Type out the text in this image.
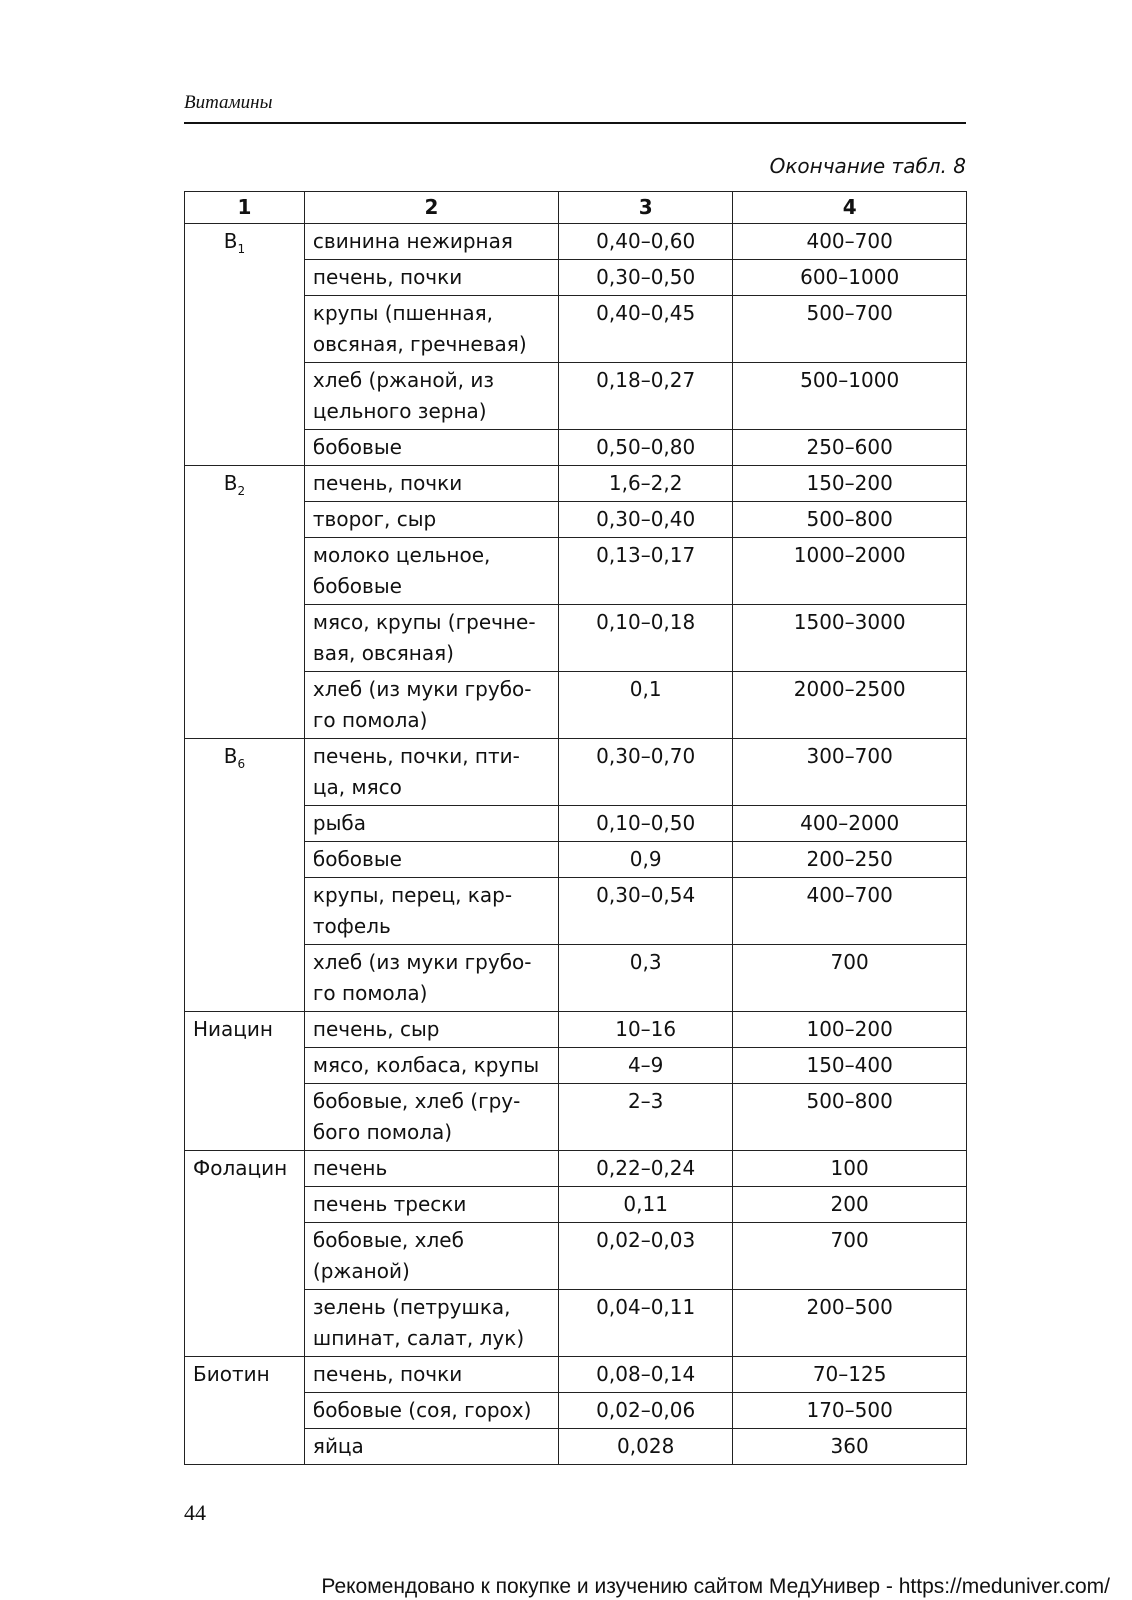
Витамины
Окончание табл. 8
1	2	3	4
$B_1$	свинина нежирная	0,40–0,60	400–700
	печень, почки	0,30–0,50	600–1000
	крупы (пшенная, овсяная, гречневая)	0,40–0,45	500–700
	хлеб (ржаной, из цельного зерна)	0,18–0,27	500–1000
	бобовые	0,50–0,80	250–600
$B_2$	печень, почки	1,6–2,2	150–200
	творог, сыр	0,30–0,40	500–800
	молоко цельное, бобовые	0,13–0,17	1000–2000
	мясо, крупы (гречне-вая, овсяная)	0,10–0,18	1500–3000
	хлеб (из муки грубо-го помола)	0,1	2000–2500
$B_6$	печень, почки, пти-ца, мясо	0,30–0,70	300–700
	рыба	0,10–0,50	400–2000
	бобовые	0,9	200–250
	крупы, перец, кар-тофель	0,30–0,54	400–700
	хлеб (из муки грубо-го помола)	0,3	700
Ниацин	печень, сыр	10–16	100–200
	мясо, колбаса, крупы	4–9	150–400
	бобовые, хлеб (гру-бого помола)	2–3	500–800
Фолацин	печень	0,22–0,24	100
	печень трески	0,11	200
	бобовые, хлеб (ржаной)	0,02–0,03	700
	зелень (петрушка, шпинат, салат, лук)	0,04–0,11	200–500
Биотин	печень, почки	0,08–0,14	70–125
	бобовые (соя, горох)	0,02–0,06	170–500
	яйца	0,028	360
44
Рекомендовано к покупке и изучению сайтом МедУнивер - https://meduniver.com/
